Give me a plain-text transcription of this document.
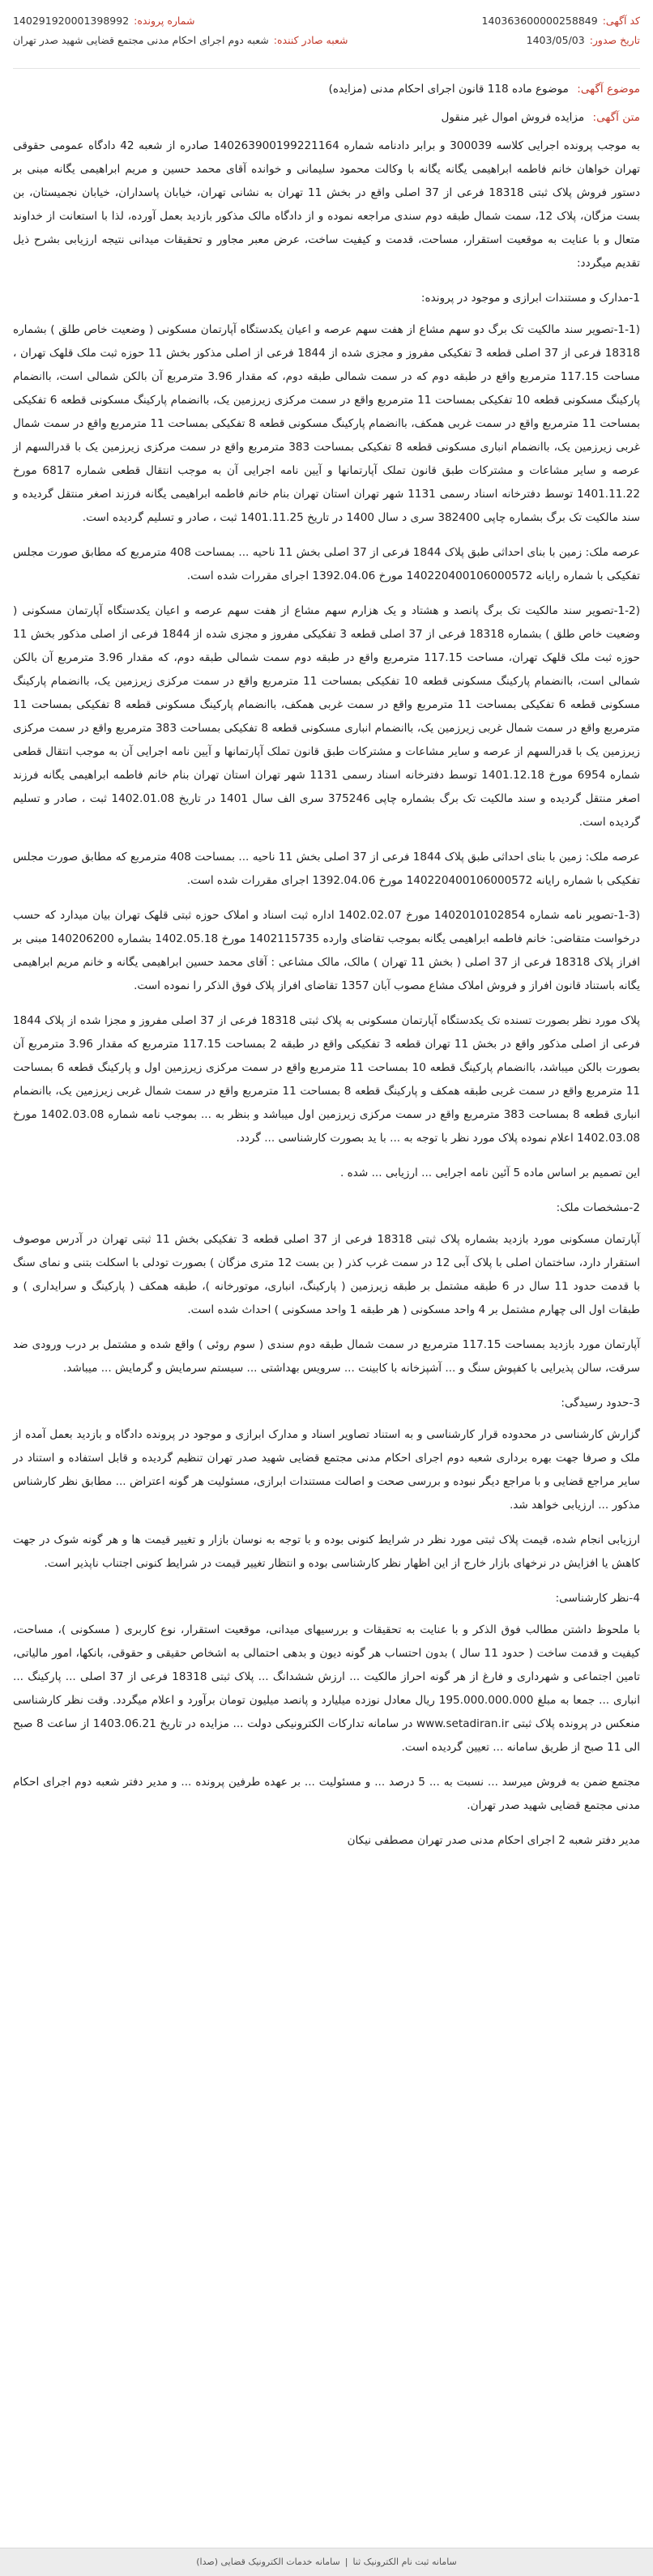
کد آگهی:
140363600000258849
شماره پرونده:
140291920001398992
تاریخ صدور:
1403/05/03
شعبه صادر کننده:
شعبه دوم اجرای احکام مدنی مجتمع قضایی شهید صدر تهران

موضوع آگهی: موضوع ماده 118 قانون اجرای احکام مدنی (مزایده)

متن آگهی: مزایده فروش اموال غیر منقول

به موجب پرونده اجرایی کلاسه 300039 و برابر دادنامه شماره 140263900199221164 صادره از شعبه 42 دادگاه عمومی حقوقی تهران خواهان خانم فاطمه ابراهیمی یگانه یگانه با وکالت محمود سلیمانی و خوانده آقای محمد حسین و مریم ابراهیمی یگانه مبنی بر دستور فروش پلاک ثبتی 18318 فرعی از 37 اصلی واقع در بخش 11 تهران به نشانی تهران، خیابان پاسداران، خیابان نجمیستان، بن بست مزگان، پلاک 12، سمت شمال طبقه دوم سندی مراجعه نموده و از دادگاه مالک مذکور بازدید بعمل آورده، لذا با استعانت از خداوند متعال و با عنایت به موقعیت استقرار، مساحت، قدمت و کیفیت ساخت، عرض معبر مجاور و تحقیقات میدانی نتیجه ارزیابی بشرح ذیل تقدیم میگردد:

1-مدارک و مستندات ابرازی و موجود در پرونده:

(1-1-تصویر سند مالکیت تک برگ دو سهم مشاع از هفت سهم عرصه و اعیان یکدستگاه آپارتمان مسکونی ( وضعیت خاص طلق ) بشماره 18318 فرعی از 37 اصلی قطعه 3 تفکیکی مفروز و مجزی شده از 1844 فرعی از اصلی مذکور بخش 11 حوزه ثبت ملک قلهک تهران ، مساحت 117.15 مترمربع واقع در طبقه دوم که در سمت شمالی طبقه دوم، که مقدار 3.96 مترمربع آن بالکن شمالی است، باانضمام پارکینگ مسکونی قطعه 10 تفکیکی بمساحت 11 مترمربع واقع در سمت مرکزی زیرزمین یک، باانضمام پارکینگ مسکونی قطعه 6 تفکیکی بمساحت 11 مترمربع واقع در سمت غربی همکف، باانضمام پارکینگ مسکونی قطعه 8 تفکیکی بمساحت 11 مترمربع واقع در سمت شمال غربی زیرزمین یک، باانضمام انباری مسکونی قطعه 8 تفکیکی بمساحت 383 مترمربع واقع در سمت مرکزی زیرزمین یک با قدرالسهم از عرصه و سایر مشاعات و مشترکات طبق قانون تملک آپارتمانها و آیین نامه اجرایی آن به موجب انتقال قطعی شماره 6817 مورخ 1401.11.22 توسط دفترخانه اسناد رسمی 1131 شهر تهران استان تهران بنام خانم فاطمه ابراهیمی یگانه فرزند اصغر منتقل گردیده و سند مالکیت تک برگ بشماره چاپی 382400 سری د سال 1400 در تاریخ 1401.11.25 ثبت ، صادر و تسلیم گردیده است.

عرصه ملک: زمین با بنای احداثی طبق پلاک 1844 فرعی از 37 اصلی بخش 11 ناحیه ... بمساحت 408 مترمربع که مطابق صورت مجلس تفکیکی با شماره رایانه 140220400106000572 مورخ 1392.04.06 اجرای مقررات شده است.

(1-2-تصویر سند مالکیت تک برگ پانصد و هشتاد و یک هزارم سهم مشاع از هفت سهم عرصه و اعیان یکدستگاه آپارتمان مسکونی ( وضعیت خاص طلق ) بشماره 18318 فرعی از 37 اصلی قطعه 3 تفکیکی مفروز و مجزی شده از 1844 فرعی از اصلی مذکور بخش 11 حوزه ثبت ملک قلهک تهران، مساحت 117.15 مترمربع واقع در طبقه دوم سمت شمالی طبقه دوم، که مقدار 3.96 مترمربع آن بالکن شمالی است، باانضمام پارکینگ مسکونی قطعه 10 تفکیکی بمساحت 11 مترمربع واقع در سمت مرکزی زیرزمین یک، باانضمام پارکینگ مسکونی قطعه 6 تفکیکی بمساحت 11 مترمربع واقع در سمت غربی همکف، باانضمام پارکینگ مسکونی قطعه 8 تفکیکی بمساحت 11 مترمربع واقع در سمت شمال غربی زیرزمین یک، باانضمام انباری مسکونی قطعه 8 تفکیکی بمساحت 383 مترمربع واقع در سمت مرکزی زیرزمین یک با قدرالسهم از عرصه و سایر مشاعات و مشترکات طبق قانون تملک آپارتمانها و آیین نامه اجرایی آن به موجب انتقال قطعی شماره 6954 مورخ 1401.12.18 توسط دفترخانه اسناد رسمی 1131 شهر تهران استان تهران بنام خانم فاطمه ابراهیمی یگانه فرزند اصغر منتقل گردیده و سند مالکیت تک برگ بشماره چاپی 375246 سری الف سال 1401 در تاریخ 1402.01.08 ثبت ، صادر و تسلیم گردیده است.

عرصه ملک: زمین با بنای احداثی طبق پلاک 1844 فرعی از 37 اصلی بخش 11 ناحیه ... بمساحت 408 مترمربع که مطابق صورت مجلس تفکیکی با شماره رایانه 140220400106000572 مورخ 1392.04.06 اجرای مقررات شده است.

(1-3-تصویر نامه شماره 1402010102854 مورخ 1402.02.07 اداره ثبت اسناد و املاک حوزه ثبتی قلهک تهران بیان میدارد که حسب درخواست متقاضی: خانم فاطمه ابراهیمی یگانه بموجب تقاضای وارده 1402115735 مورخ 1402.05.18 بشماره 140206200 مبنی بر افراز پلاک 18318 فرعی از 37 اصلی ( بخش 11 تهران ) مالک، مالک مشاعی : آقای محمد حسین ابراهیمی یگانه و خانم مریم ابراهیمی یگانه باستناد قانون افراز و فروش املاک مشاع مصوب آبان 1357 تقاضای افراز پلاک فوق الذکر را نموده است.

پلاک مورد نظر بصورت تسنده تک یکدستگاه آپارتمان مسکونی به پلاک ثبتی 18318 فرعی از 37 اصلی مفروز و مجزا شده از پلاک 1844 فرعی از اصلی مذکور واقع در بخش 11 تهران قطعه 3 تفکیکی واقع در طبقه 2 بمساحت 117.15 مترمربع که مقدار 3.96 مترمربع آن بصورت بالکن میباشد، باانضمام پارکینگ قطعه 10 بمساحت 11 مترمربع واقع در سمت مرکزی زیرزمین اول و پارکینگ قطعه 6 بمساحت 11 مترمربع واقع در سمت غربی طبقه همکف و پارکینگ قطعه 8 بمساحت 11 مترمربع واقع در سمت شمال غربی زیرزمین یک، باانضمام انباری قطعه 8 بمساحت 383 مترمربع واقع در سمت مرکزی زیرزمین اول میباشد و بنظر به ... بموجب نامه شماره 1402.03.08 مورخ 1402.03.08 اعلام نموده پلاک مورد نظر با توجه به ... با ید بصورت کارشناسی ... گردد.

این تصمیم بر اساس ماده 5 آئین نامه اجرایی ... ارزیابی ... شده .

2-مشخصات ملک:

آپارتمان مسکونی مورد بازدید بشماره پلاک ثبتی 18318 فرعی از 37 اصلی قطعه 3 تفکیکی بخش 11 ثبتی تهران در آدرس موصوف استقرار دارد، ساختمان اصلی با پلاک آبی 12 در سمت غرب کذر ( بن بست 12 متری مزگان ) بصورت تودلی با اسکلت بتنی و نمای سنگ با قدمت حدود 11 سال در 6 طبقه مشتمل بر طبقه زیرزمین ( پارکینگ، انباری، موتورخانه )، طبقه همکف ( پارکینگ و سرایداری ) و طبقات اول الی چهارم مشتمل بر 4 واحد مسکونی ( هر طبقه 1 واحد مسکونی ) احداث شده است.

آپارتمان مورد بازدید بمساحت 117.15 مترمربع در سمت شمال طبقه دوم سندی ( سوم روئی ) واقع شده و مشتمل بر درب ورودی ضد سرقت، سالن پذیرایی با کفپوش سنگ و ... آشپزخانه با کابینت ... سرویس بهداشتی ... سیستم سرمایش و گرمایش ... میباشد.

3-حدود رسیدگی:

گزارش کارشناسی در محدوده قرار کارشناسی و به استناد تصاویر اسناد و مدارک ابرازی و موجود در پرونده دادگاه و بازدید بعمل آمده از ملک و صرفا جهت بهره برداری شعبه دوم اجرای احکام مدنی مجتمع قضایی شهید صدر تهران تنظیم گردیده و قابل استفاده و استناد در سایر مراجع قضایی و با مراجع دیگر نبوده و بررسی صحت و اصالت مستندات ابرازی، مسئولیت هر گونه اعتراض ... مطابق نظر کارشناس مذکور ... ارزیابی خواهد شد.

ارزیابی انجام شده، قیمت پلاک ثبتی مورد نظر در شرایط کنونی بوده و با توجه به نوسان بازار و تغییر قیمت ها و هر گونه شوک در جهت کاهش یا افزایش در نرخهای بازار خارج از این اظهار نظر کارشناسی بوده و انتظار تغییر قیمت در شرایط کنونی اجتناب ناپذیر است.

4-نظر کارشناسی:

با ملحوظ داشتن مطالب فوق الذکر و با عنایت به تحقیقات و بررسیهای میدانی، موقعیت استقرار، نوع کاربری ( مسکونی )، مساحت، کیفیت و قدمت ساخت ( حدود 11 سال ) بدون احتساب هر گونه دیون و بدهی احتمالی به اشخاص حقیقی و حقوقی، بانکها، امور مالیاتی، تامین اجتماعی و شهرداری و فارغ از هر گونه احراز مالکیت ... ارزش ششدانگ ... پلاک ثبتی 18318 فرعی از 37 اصلی ... پارکینگ ... انباری ... جمعا به مبلغ 195.000.000.000 ریال معادل نوزده میلیارد و پانصد میلیون تومان برآورد و اعلام میگردد. وقت نظر کارشناسی منعکس در پرونده پلاک ثبتی www.setadiran.ir در سامانه تدارکات الکترونیکی دولت ... مزایده در تاریخ 1403.06.21 از ساعت 8 صبح الی 11 صبح از طریق سامانه ... تعیین گردیده است.

مجتمع ضمن به فروش میرسد ... نسبت به ... 5 درصد ... و مسئولیت ... بر عهده طرفین پرونده ... و مدیر دفتر شعبه دوم اجرای احکام مدنی مجتمع قضایی شهید صدر تهران.

مدیر دفتر شعبه 2 اجرای احکام مدنی صدر تهران مصطفی نیکان

سامانه ثبت نام الکترونیک ثنا
|
سامانه خدمات الکترونیک قضایی (صدا)
